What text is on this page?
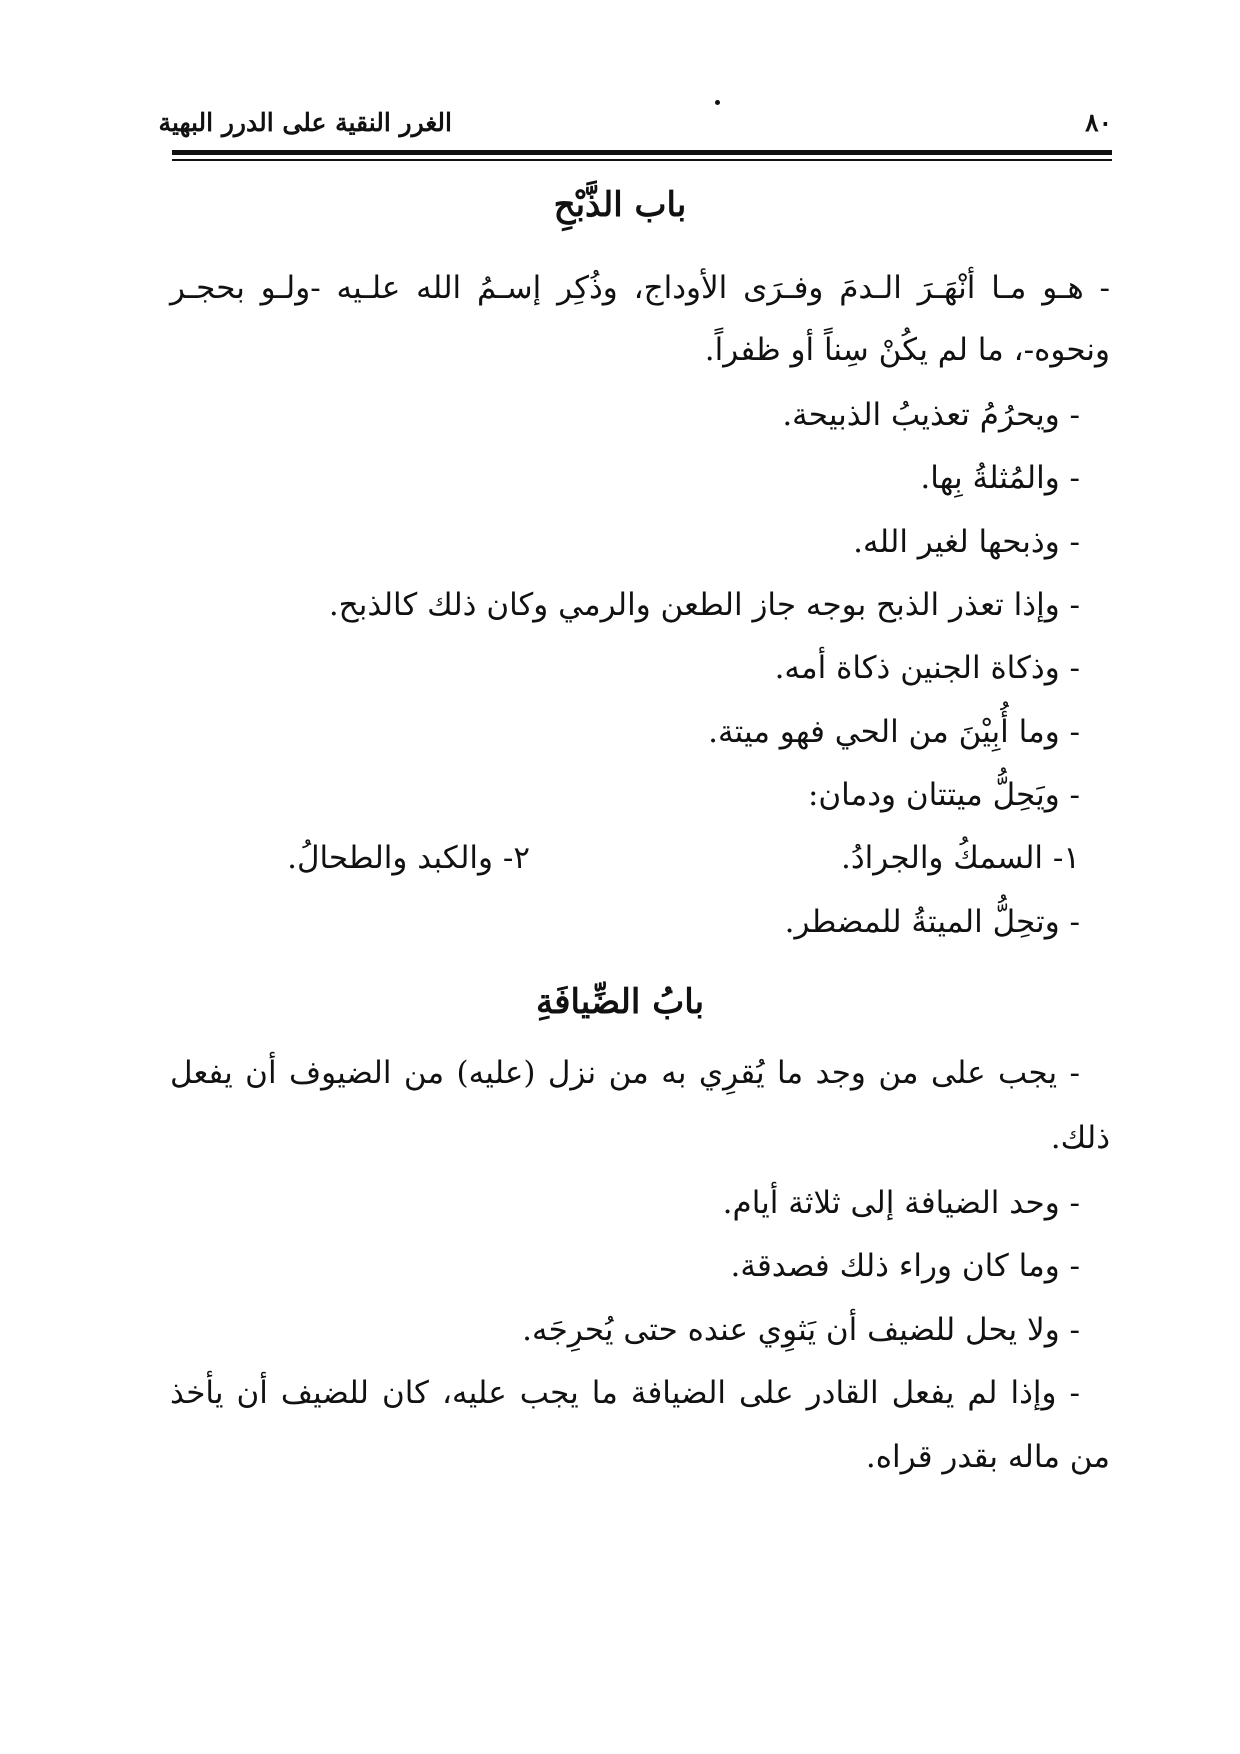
الغرر النقية على الدرر البهية	٨٠
باب الذَّبْحِ
- هـو مـا أنْهَـرَ الـدمَ وفـرَى الأوداج، وذُكِر إسـمُ الله علـيه -ولـو بحجـر
ونحوه-، ما لم يكُنْ سِناً أو ظفراً.
- ويحرُمُ تعذيبُ الذبيحة.
- والمُثلةُ بِها.
- وذبحها لغير الله.
- وإذا تعذر الذبح بوجه جاز الطعن والرمي وكان ذلك كالذبح.
- وذكاة الجنين ذكاة أمه.
- وما أُبِيْنَ من الحي فهو ميتة.
- ويَحِلُّ ميتتان ودمان:
١- السمكُ والجرادُ.
٢- والكبد والطحالُ.
- وتحِلُّ الميتةُ للمضطر.
بابُ الضِّيافَةِ
- يجب على من وجد ما يُقرِي به من نزل (عليه) من الضيوف أن يفعل
ذلك.
- وحد الضيافة إلى ثلاثة أيام.
- وما كان وراء ذلك فصدقة.
- ولا يحل للضيف أن يَثوِي عنده حتى يُحرِجَه.
- وإذا لم يفعل القادر على الضيافة ما يجب عليه، كان للضيف أن يأخذ
من ماله بقدر قراه.
